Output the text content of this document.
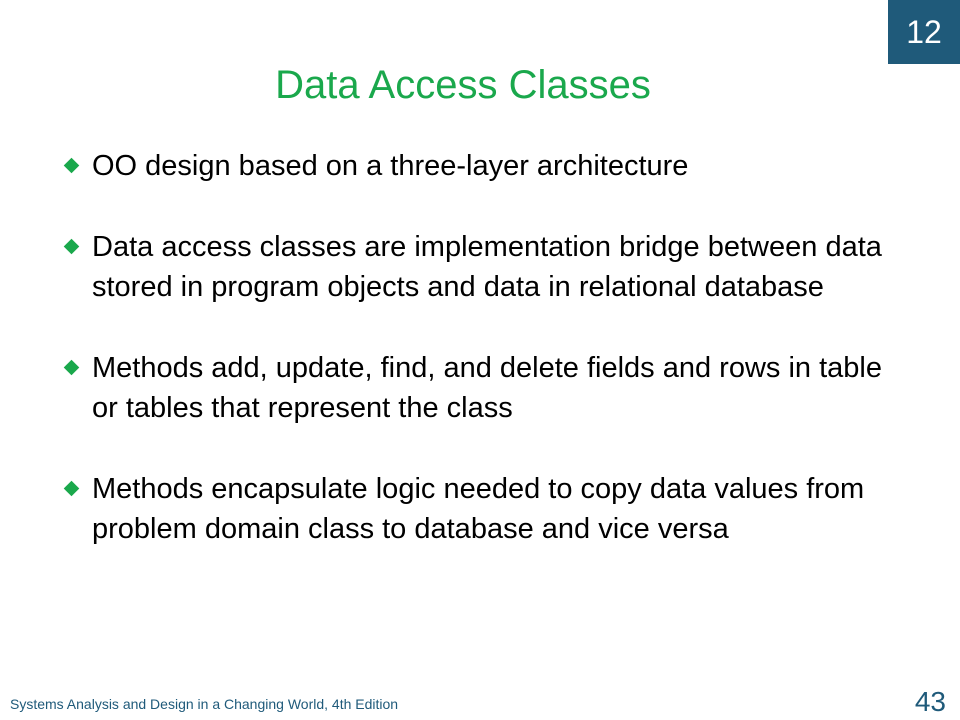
12
Data Access Classes
OO design based on a three-layer architecture
Data access classes are implementation bridge between data stored in program objects and data in relational database
Methods add, update, find, and delete fields and rows in table or tables that represent the class
Methods encapsulate logic needed to copy data values from problem domain class to database and vice versa
Systems Analysis and Design in a Changing World, 4th Edition	43
